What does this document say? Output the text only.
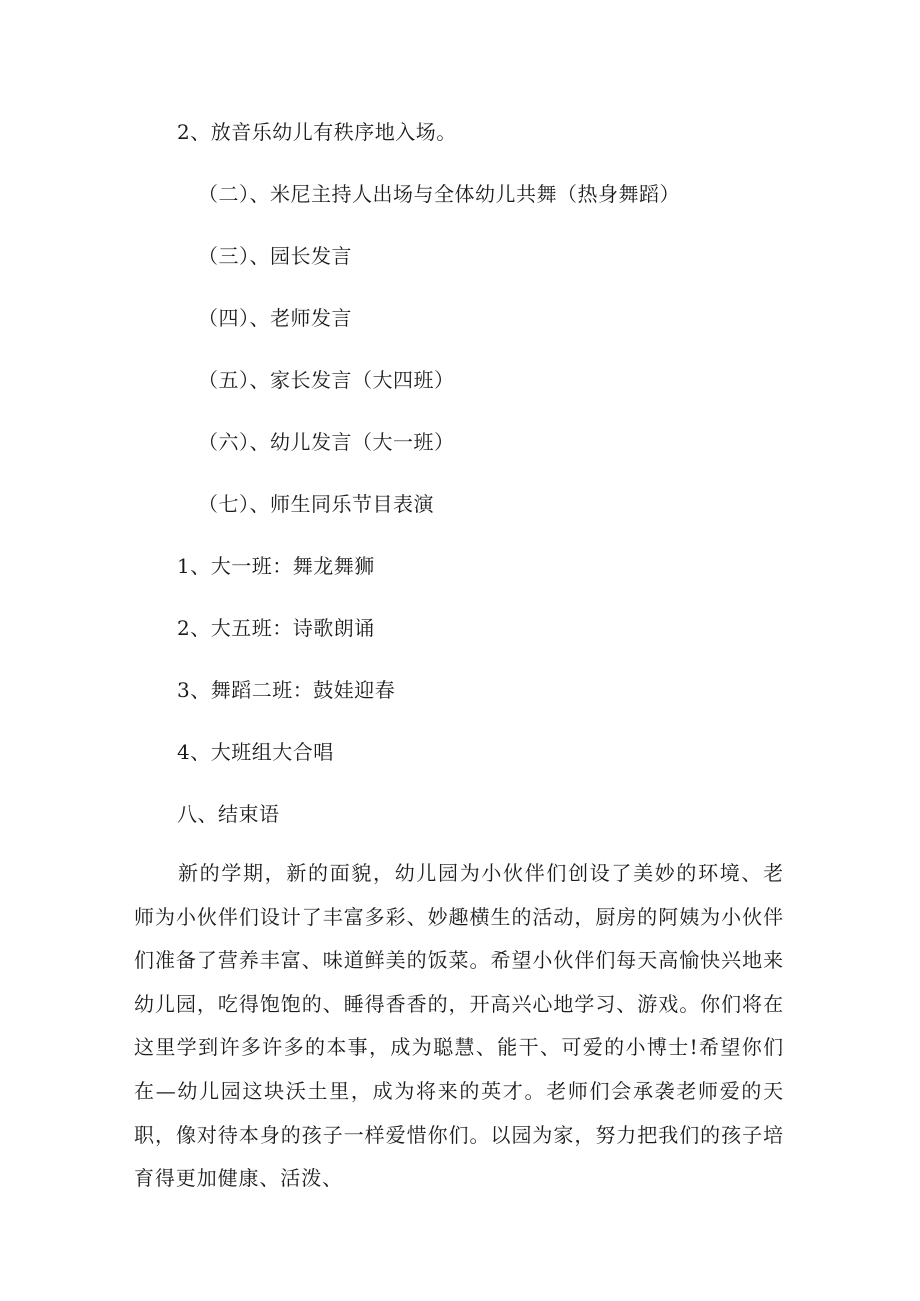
2、放音乐幼儿有秩序地入场。
（二）、米尼主持人出场与全体幼儿共舞（热身舞蹈）
（三）、园长发言
（四）、老师发言
（五）、家长发言（大四班）
（六）、幼儿发言（大一班）
（七）、师生同乐节目表演
1、大一班：舞龙舞狮
2、大五班：诗歌朗诵
3、舞蹈二班：鼓娃迎春
4、大班组大合唱
八、结束语

新的学期，新的面貌，幼儿园为小伙伴们创设了美妙的环境、老师为小伙伴们设计了丰富多彩、妙趣横生的活动，厨房的阿姨为小伙伴们准备了营养丰富、味道鲜美的饭菜。希望小伙伴们每天高愉快兴地来幼儿园，吃得饱饱的、睡得香香的，开高兴心地学习、游戏。你们将在这里学到许多许多的本事，成为聪慧、能干、可爱的小博士!希望你们在—幼儿园这块沃土里，成为将来的英才。老师们会承袭老师爱的天职，像对待本身的孩子一样爱惜你们。以园为家，努力把我们的孩子培育得更加健康、活泼、
